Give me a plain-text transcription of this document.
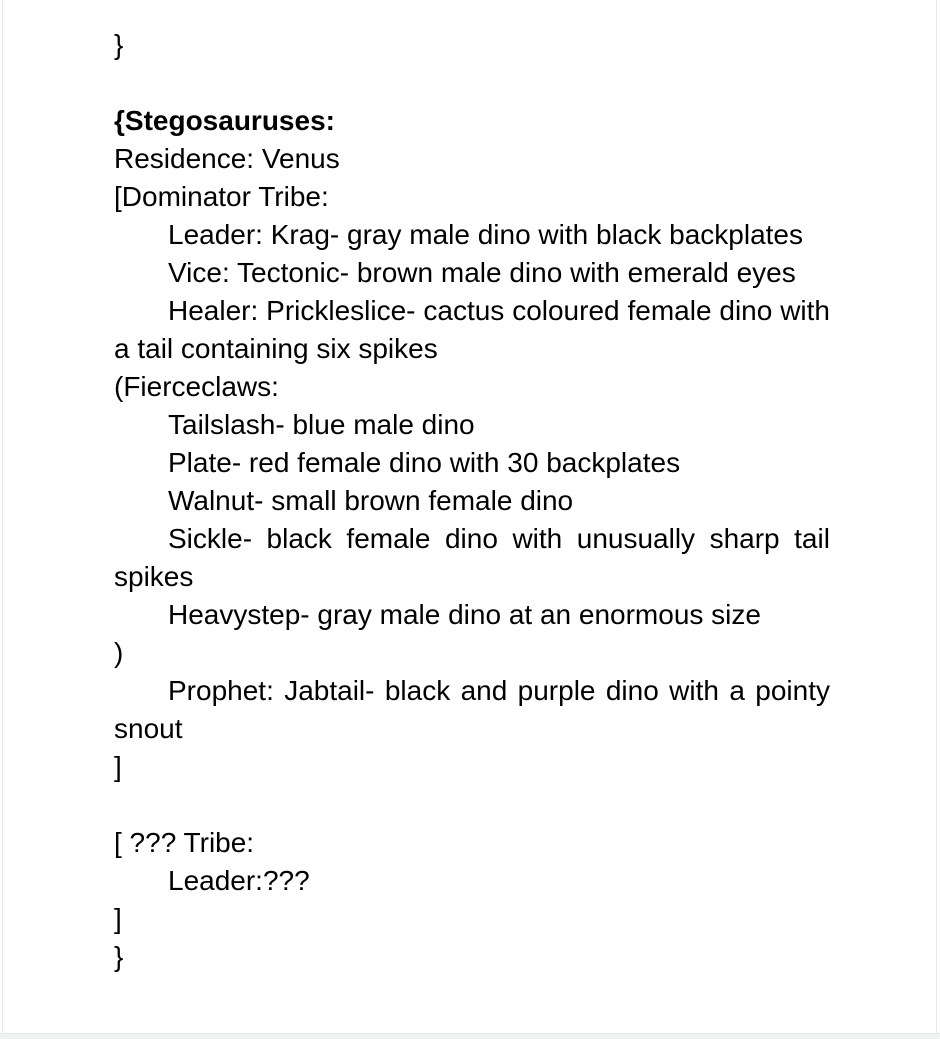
}
{Stegosauruses:
Residence: Venus
[Dominator Tribe:
Leader: Krag- gray male dino with black backplates
Vice: Tectonic- brown male dino with emerald eyes
Healer: Prickleslice- cactus coloured female dino with
a tail containing six spikes
(Fierceclaws:
Tailslash- blue male dino
Plate- red female dino with 30 backplates
Walnut- small brown female dino
Sickle- black female dino with unusually sharp tail
spikes
Heavystep- gray male dino at an enormous size
)
Prophet: Jabtail- black and purple dino with a pointy
snout
]
[ ??? Tribe:
Leader:???
]
}
